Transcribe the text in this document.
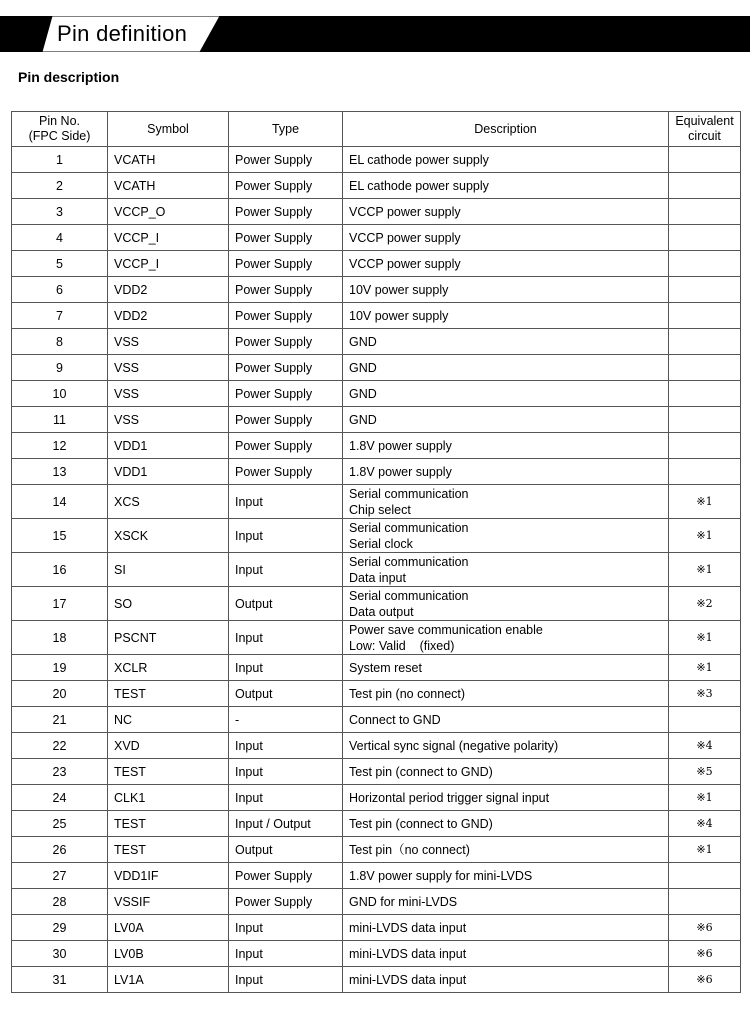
Pin definition
Pin description
Pin No.
(FPC Side)	Symbol	Type	Description	Equivalent
circuit

1	VCATH	Power Supply	EL cathode power supply	

2	VCATH	Power Supply	EL cathode power supply	

3	VCCP_O	Power Supply	VCCP power supply	

4	VCCP_I	Power Supply	VCCP power supply	

5	VCCP_I	Power Supply	VCCP power supply	

6	VDD2	Power Supply	10V power supply	

7	VDD2	Power Supply	10V power supply	

8	VSS	Power Supply	GND	

9	VSS	Power Supply	GND	

10	VSS	Power Supply	GND	

11	VSS	Power Supply	GND	

12	VDD1	Power Supply	1.8V power supply	

13	VDD1	Power Supply	1.8V power supply	

14	XCS	Input	Serial communication
Chip select	※1
15	XSCK	Input	Serial communication
Serial clock	※1
16	SI	Input	Serial communication
Data input	※1
17	SO	Output	Serial communication
Data output	※2
18	PSCNT	Input	Power save communication enable
Low: Valid    (fixed)	※1
19	XCLR	Input	System reset	※1
20	TEST	Output	Test pin (no connect)	※3
21	NC	-	Connect to GND	

22	XVD	Input	Vertical sync signal (negative polarity)	※4
23	TEST	Input	Test pin (connect to GND)	※5
24	CLK1	Input	Horizontal period trigger signal input	※1
25	TEST	Input / Output	Test pin (connect to GND)	※4
26	TEST	Output	Test pin（no connect)	※1
27	VDD1IF	Power Supply	1.8V power supply for mini-LVDS	

28	VSSIF	Power Supply	GND for mini-LVDS	

29	LV0A	Input	mini-LVDS data input	※6
30	LV0B	Input	mini-LVDS data input	※6
31	LV1A	Input	mini-LVDS data input	※6
